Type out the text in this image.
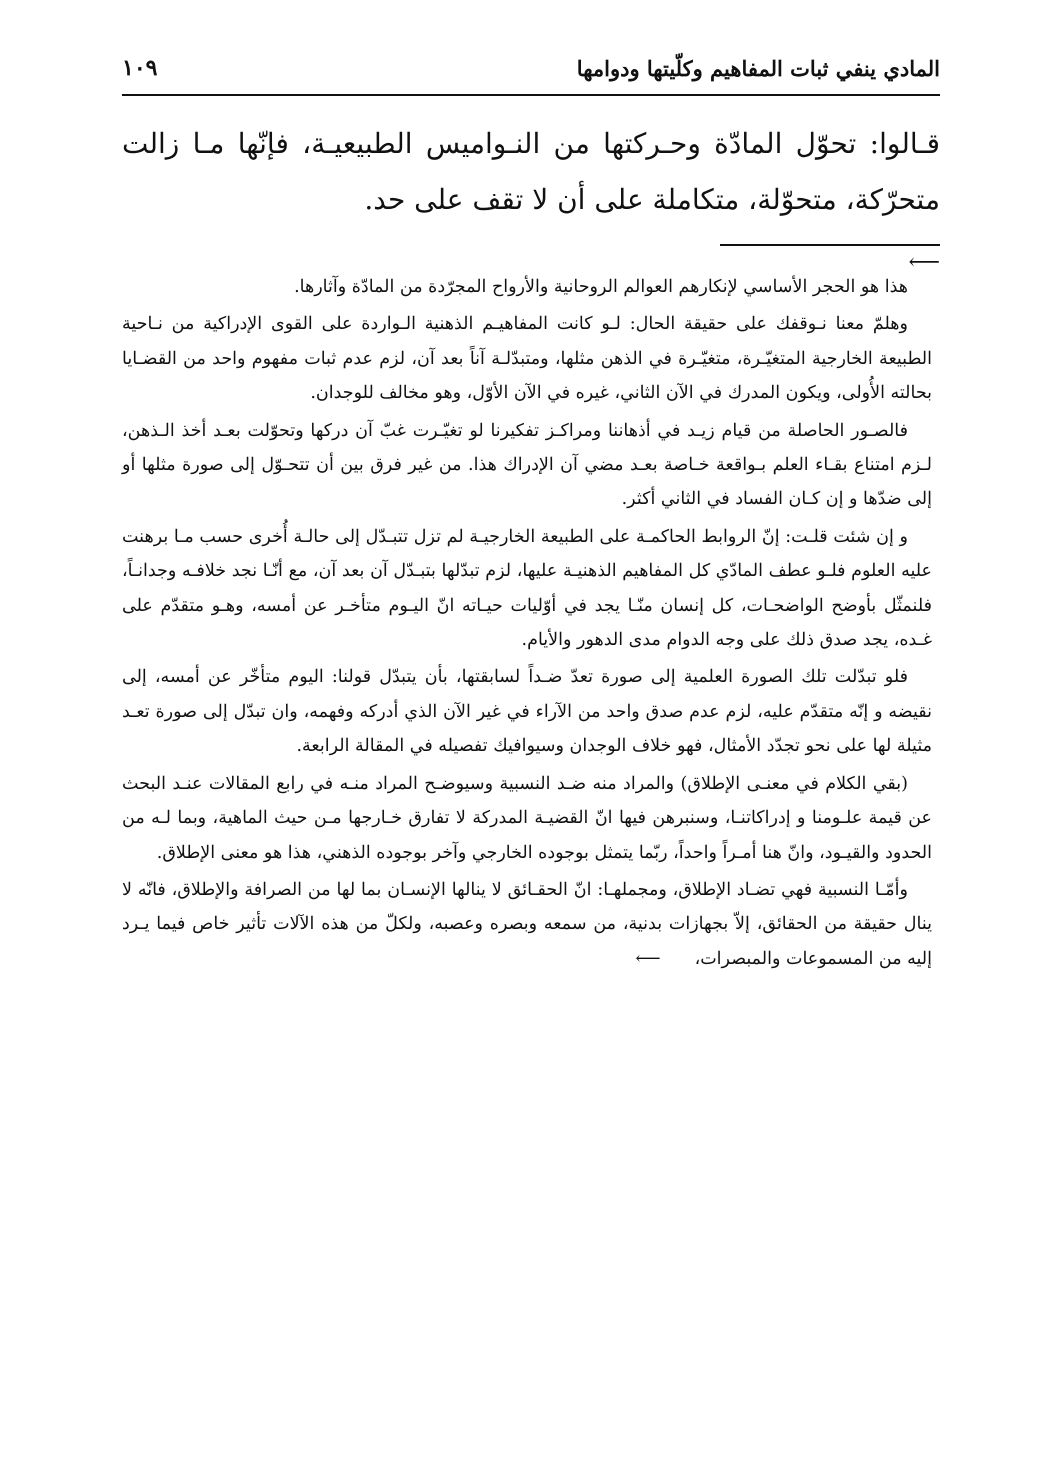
١٠٩	المادي ينفي ثبات المفاهيم وكلّيتها ودوامها

قـالوا: تحوّل المادّة وحـركتها من النـواميس الطبيعيـة، فإنّها مـا زالت متحرّكة، متحوّلة، متكاملة على أن لا تقف على حد.

⟵

هذا هو الحجر الأساسي لإنكارهم العوالم الروحانية والأرواح المجرّدة من المادّة وآثارها.

وهلمّ معنا نـوقفك على حقيقة الحال: لـو كانت المفاهيـم الذهنية الـواردة على القوى الإدراكية من نـاحية الطبيعة الخارجية المتغيّـرة، متغيّـرة في الذهن مثلها، ومتبدّلـة آناً بعد آن، لزم عدم ثبات مفهوم واحد من القضـايا بحالته الأُولى، ويكون المدرك في الآن الثاني، غيره في الآن الأوّل، وهو مخالف للوجدان.

فالصـور الحاصلة من قيام زيـد في أذهاننا ومراكـز تفكيرنا لو تغيّـرت غبّ آن دركها وتحوّلت بعـد أخذ الـذهن، لـزم امتناع بقـاء العلم بـواقعة خـاصة بعـد مضي آن الإدراك هذا. من غير فرق بين أن تتحـوّل إلى صورة مثلها أو إلى ضدّها و إن كـان الفساد في الثاني أكثر.

و إن شئت قلـت: إنّ الروابط الحاكمـة على الطبيعة الخارجيـة لم تزل تتبـدّل إلى حالـة أُخرى حسب مـا برهنت عليه العلوم فلـو عطف المادّي كل المفاهيم الذهنيـة عليها، لزم تبدّلها بتبـدّل آن بعد آن، مع أنّـا نجد خلافـه وجدانـاً، فلنمثّل بأوضح الواضحـات، كل إنسان منّـا يجد في أوّليات حيـاته انّ اليـوم متأخـر عن أمسه، وهـو متقدّم على غـده، يجد صدق ذلك على وجه الدوام مدى الدهور والأيام.

فلو تبدّلت تلك الصورة العلمية إلى صورة تعدّ ضـداً لسابقتها، بأن يتبدّل قولنا: اليوم متأخّر عن أمسه، إلى نقيضه و إنّه متقدّم عليه، لزم عدم صدق واحد من الآراء في غير الآن الذي أدركه وفهمه، وان تبدّل إلى صورة تعـد مثيلة لها على نحو تجدّد الأمثال، فهو خلاف الوجدان وسيوافيك تفصيله في المقالة الرابعة.

(بقي الكلام في معنـى الإطلاق) والمراد منه ضـد النسبية وسيوضـح المراد منـه في رابع المقالات عنـد البحث عن قيمة علـومنا و إدراكاتنـا، وسنبرهن فيها انّ القضيـة المدركة لا تفارق خـارجها مـن حيث الماهية، وبما لـه من الحدود والقيـود، وانّ هنا أمـراً واحداً، ربّما يتمثل بوجوده الخارجي وآخر بوجوده الذهني، هذا هو معنى الإطلاق.

وأمّـا النسبية فهي تضـاد الإطلاق، ومجملهـا: انّ الحقـائق لا ينالها الإنسـان بما لها من الصرافة والإطلاق، فانّه لا ينال حقيقة من الحقائق، إلاّ بجهازات بدنية، من سمعه وبصره وعصبه، ولكلّ من هذه الآلات تأثير خاص فيما يـرد إليه من المسموعات والمبصرات،⟵
